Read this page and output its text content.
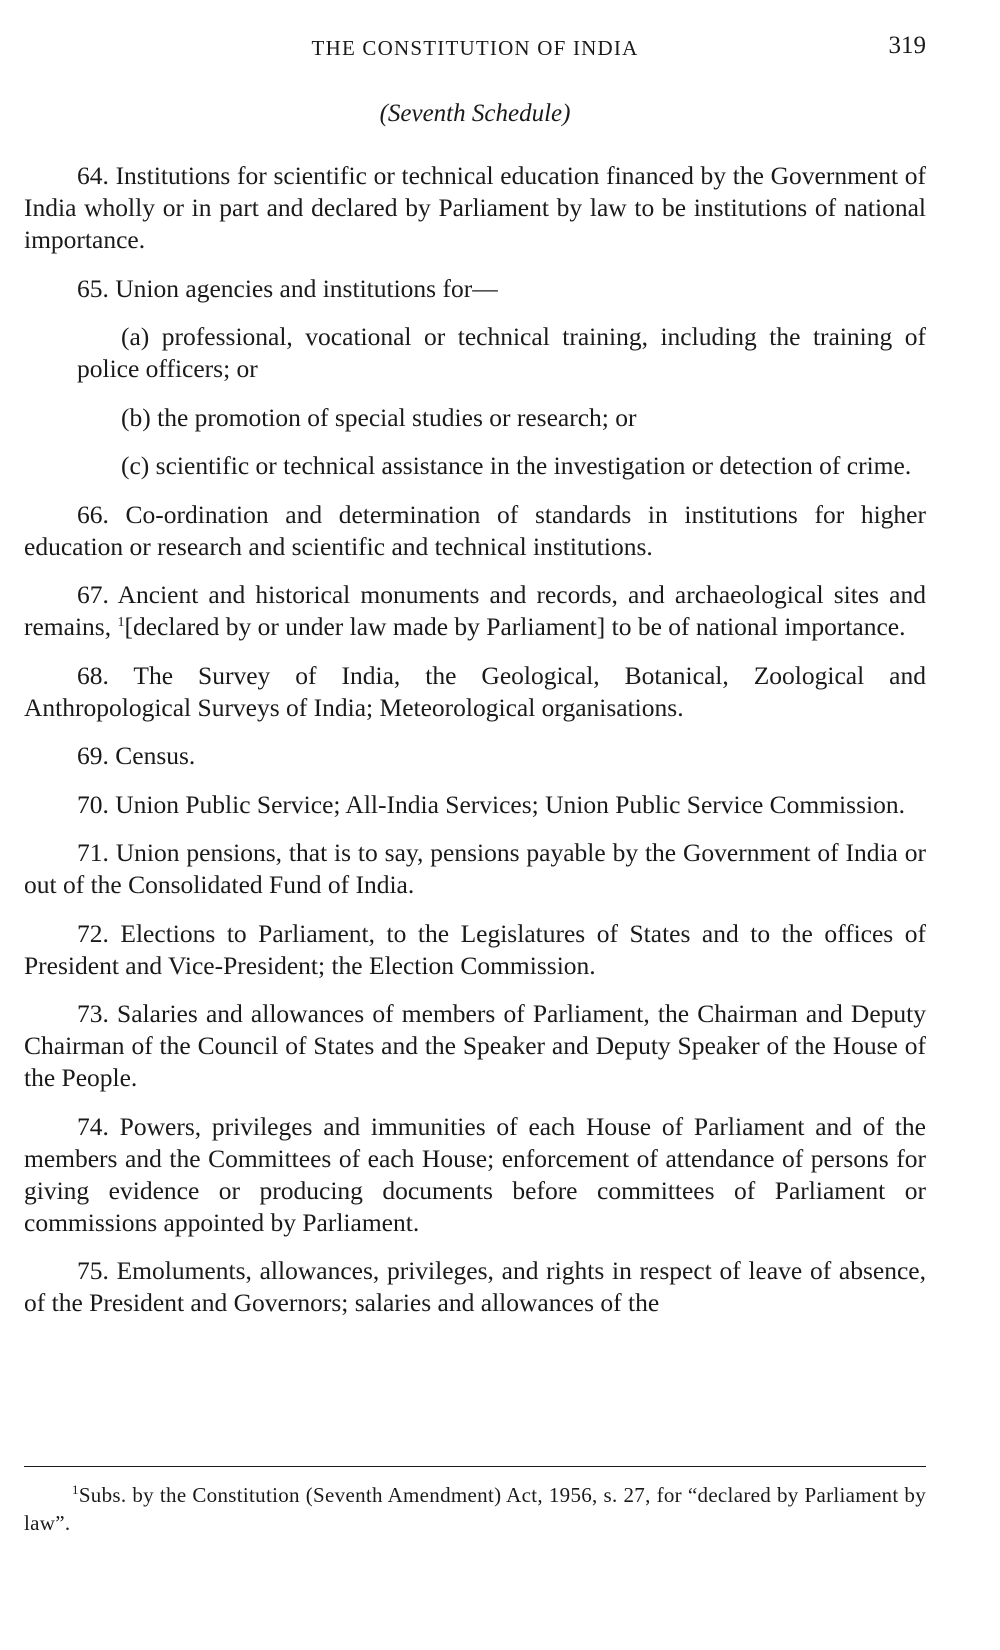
THE CONSTITUTION OF INDIA	319
(Seventh Schedule)

64. Institutions for scientific or technical education financed by the Government of India wholly or in part and declared by Parliament by law to be institutions of national importance.

65. Union agencies and institutions for—

(a) professional, vocational or technical training, including the training of police officers; or

(b) the promotion of special studies or research; or

(c) scientific or technical assistance in the investigation or detection of crime.

66. Co-ordination and determination of standards in institutions for higher education or research and scientific and technical institutions.

67. Ancient and historical monuments and records, and archaeological sites and remains, $^1$[declared by or under law made by Parliament] to be of national importance.

68. The Survey of India, the Geological, Botanical, Zoological and Anthropological Surveys of India; Meteorological organisations.

69. Census.

70. Union Public Service; All-India Services; Union Public Service Commission.

71. Union pensions, that is to say, pensions payable by the Government of India or out of the Consolidated Fund of India.

72. Elections to Parliament, to the Legislatures of States and to the offices of President and Vice-President; the Election Commission.

73. Salaries and allowances of members of Parliament, the Chairman and Deputy Chairman of the Council of States and the Speaker and Deputy Speaker of the House of the People.

74. Powers, privileges and immunities of each House of Parliament and of the members and the Committees of each House; enforcement of attendance of persons for giving evidence or producing documents before committees of Parliament or commissions appointed by Parliament.

75. Emoluments, allowances, privileges, and rights in respect of leave of absence, of the President and Governors; salaries and allowances of the

$^1$Subs. by the Constitution (Seventh Amendment) Act, 1956, s. 27, for “declared by Parliament by law”.
